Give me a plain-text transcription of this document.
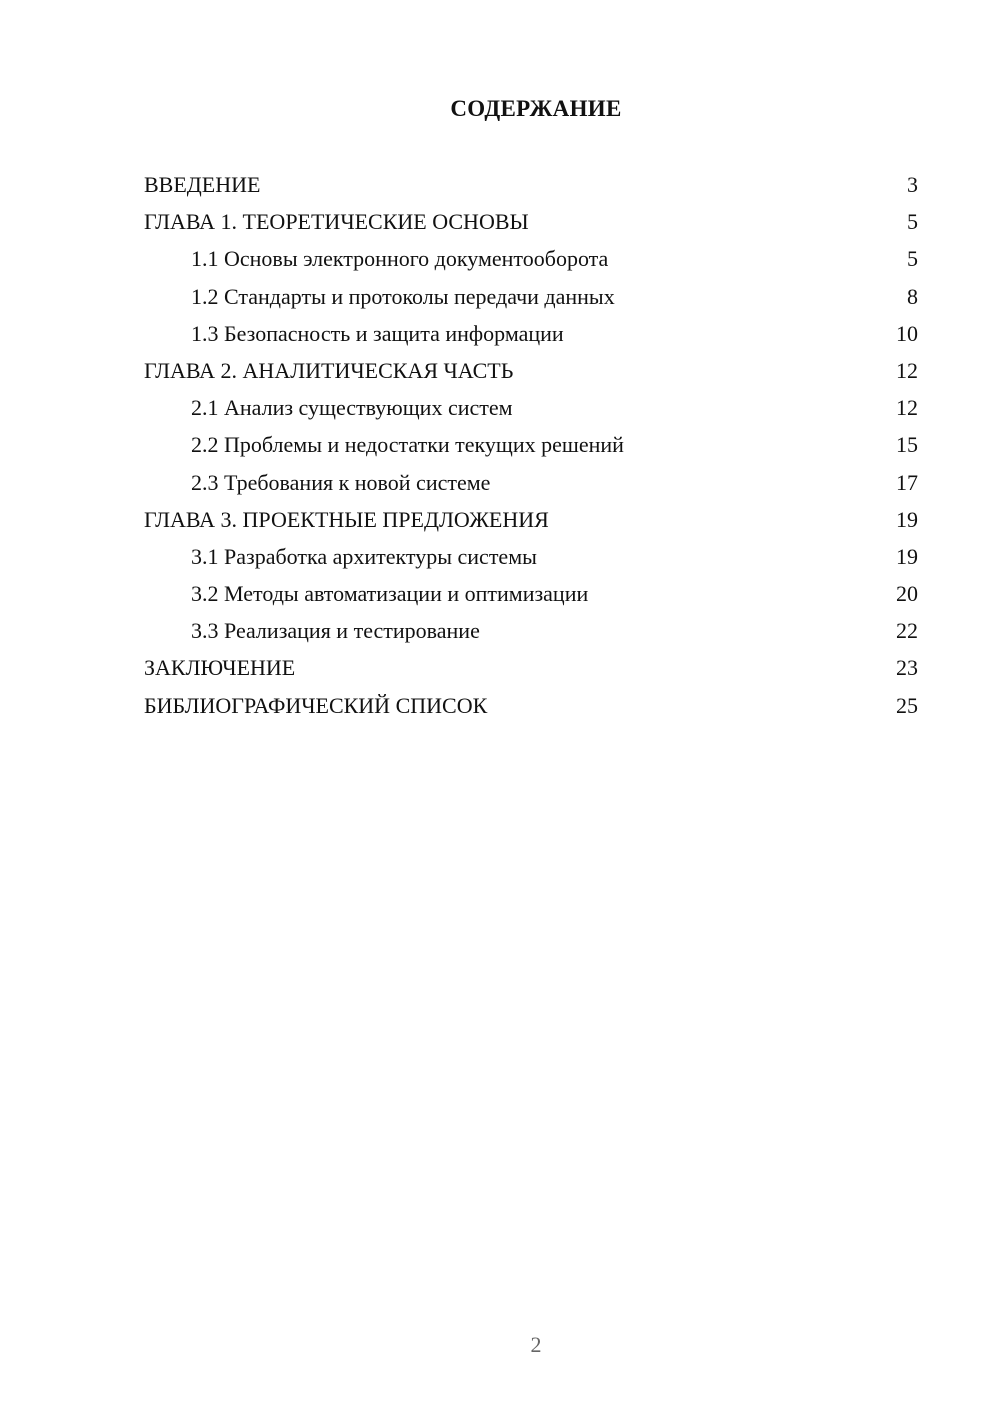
СОДЕРЖАНИЕ
ВВЕДЕНИЕ	3
ГЛАВА 1. ТЕОРЕТИЧЕСКИЕ ОСНОВЫ	5
1.1 Основы электронного документооборота	5
1.2 Стандарты и протоколы передачи данных	8
1.3 Безопасность и защита информации	10
ГЛАВА 2. АНАЛИТИЧЕСКАЯ ЧАСТЬ	12
2.1 Анализ существующих систем	12
2.2 Проблемы и недостатки текущих решений	15
2.3 Требования к новой системе	17
ГЛАВА 3. ПРОЕКТНЫЕ ПРЕДЛОЖЕНИЯ	19
3.1 Разработка архитектуры системы	19
3.2 Методы автоматизации и оптимизации	20
3.3 Реализация и тестирование	22
ЗАКЛЮЧЕНИЕ	23
БИБЛИОГРАФИЧЕСКИЙ СПИСОК	25
2
